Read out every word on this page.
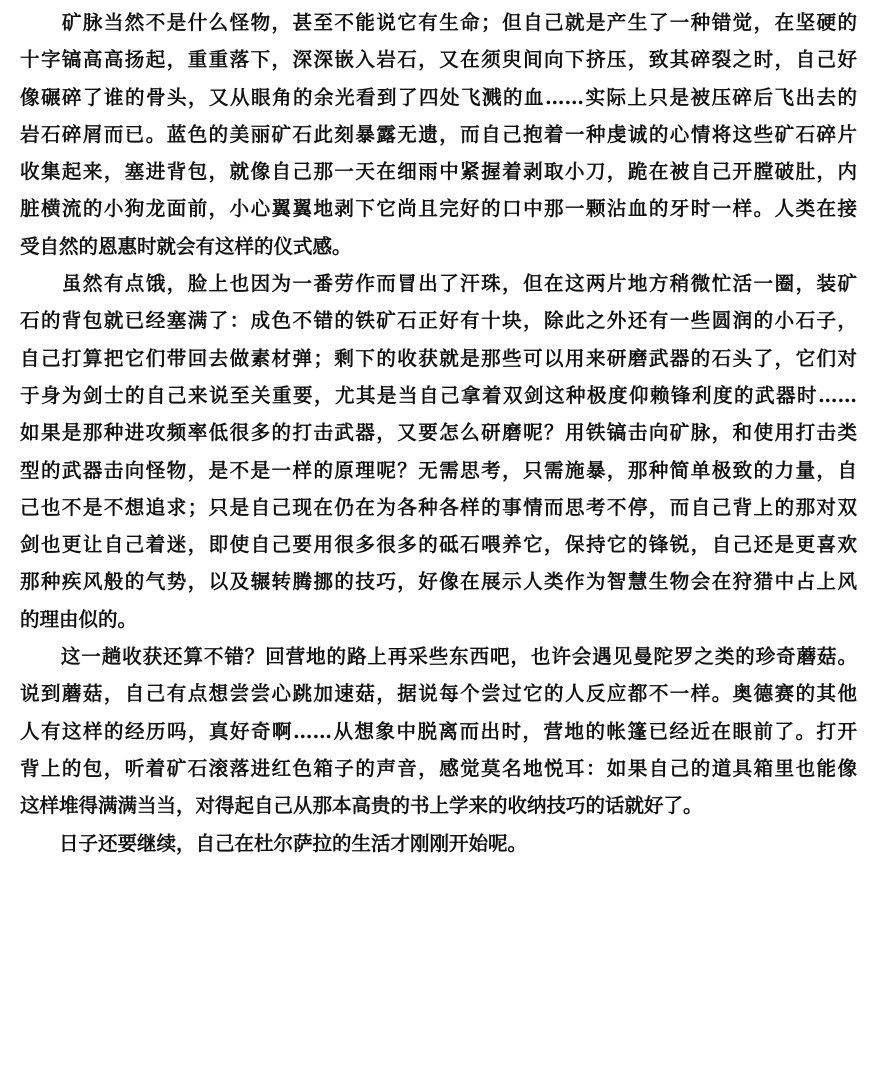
　　矿脉当然不是什么怪物，甚至不能说它有生命；但自己就是产生了一种错觉，在坚硬的
十字镐高高扬起，重重落下，深深嵌入岩石，又在须臾间向下挤压，致其碎裂之时，自己好
像碾碎了谁的骨头，又从眼角的余光看到了四处飞溅的血……实际上只是被压碎后飞出去的
岩石碎屑而已。蓝色的美丽矿石此刻暴露无遗，而自己抱着一种虔诚的心情将这些矿石碎片
收集起来，塞进背包，就像自己那一天在细雨中紧握着剥取小刀，跪在被自己开膛破肚，内
脏横流的小狗龙面前，小心翼翼地剥下它尚且完好的口中那一颗沾血的牙时一样。人类在接
受自然的恩惠时就会有这样的仪式感。
　　虽然有点饿，脸上也因为一番劳作而冒出了汗珠，但在这两片地方稍微忙活一圈，装矿
石的背包就已经塞满了：成色不错的铁矿石正好有十块，除此之外还有一些圆润的小石子，
自己打算把它们带回去做素材弹；剩下的收获就是那些可以用来研磨武器的石头了，它们对
于身为剑士的自己来说至关重要，尤其是当自己拿着双剑这种极度仰赖锋利度的武器时……
如果是那种进攻频率低很多的打击武器，又要怎么研磨呢？用铁镐击向矿脉，和使用打击类
型的武器击向怪物，是不是一样的原理呢？无需思考，只需施暴，那种简单极致的力量，自
己也不是不想追求；只是自己现在仍在为各种各样的事情而思考不停，而自己背上的那对双
剑也更让自己着迷，即使自己要用很多很多的砥石喂养它，保持它的锋锐，自己还是更喜欢
那种疾风般的气势，以及辗转腾挪的技巧，好像在展示人类作为智慧生物会在狩猎中占上风
的理由似的。
　　这一趟收获还算不错？回营地的路上再采些东西吧，也许会遇见曼陀罗之类的珍奇蘑菇。
说到蘑菇，自己有点想尝尝心跳加速菇，据说每个尝过它的人反应都不一样。奥德赛的其他
人有这样的经历吗，真好奇啊……从想象中脱离而出时，营地的帐篷已经近在眼前了。打开
背上的包，听着矿石滚落进红色箱子的声音，感觉莫名地悦耳：如果自己的道具箱里也能像
这样堆得满满当当，对得起自己从那本高贵的书上学来的收纳技巧的话就好了。
　　日子还要继续，自己在杜尔萨拉的生活才刚刚开始呢。
